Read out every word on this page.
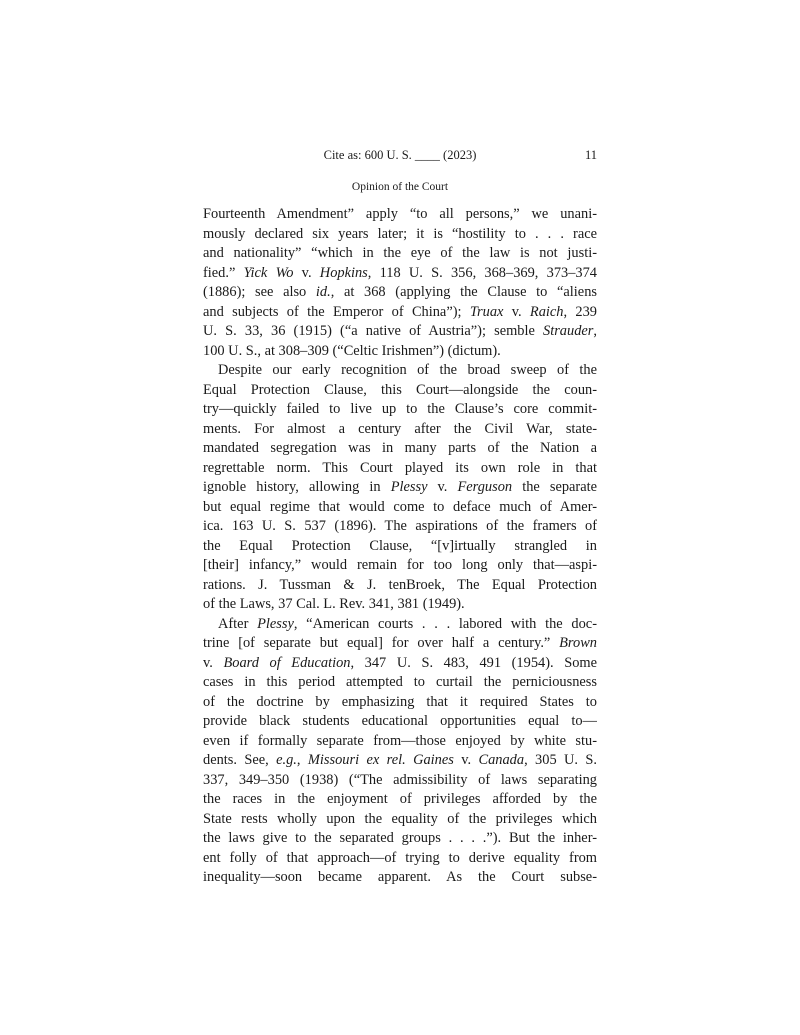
Cite as: 600 U. S. ____ (2023)	11
Opinion of the Court
Fourteenth Amendment” apply “to all persons,” we unani-
mously declared six years later; it is “hostility to . . . race
and nationality” “which in the eye of the law is not justi-
fied.” Yick Wo v. Hopkins, 118 U. S. 356, 368–369, 373–374
(1886); see also id., at 368 (applying the Clause to “aliens
and subjects of the Emperor of China”); Truax v. Raich, 239
U. S. 33, 36 (1915) (“a native of Austria”); semble Strauder,
100 U. S., at 308–309 (“Celtic Irishmen”) (dictum).
Despite our early recognition of the broad sweep of the
Equal Protection Clause, this Court—alongside the coun-
try—quickly failed to live up to the Clause’s core commit-
ments. For almost a century after the Civil War, state-
mandated segregation was in many parts of the Nation a
regrettable norm. This Court played its own role in that
ignoble history, allowing in Plessy v. Ferguson the separate
but equal regime that would come to deface much of Amer-
ica. 163 U. S. 537 (1896). The aspirations of the framers of
the Equal Protection Clause, “[v]irtually strangled in
[their] infancy,” would remain for too long only that—aspi-
rations. J. Tussman & J. tenBroek, The Equal Protection
of the Laws, 37 Cal. L. Rev. 341, 381 (1949).
After Plessy, “American courts . . . labored with the doc-
trine [of separate but equal] for over half a century.” Brown
v. Board of Education, 347 U. S. 483, 491 (1954). Some
cases in this period attempted to curtail the perniciousness
of the doctrine by emphasizing that it required States to
provide black students educational opportunities equal to—
even if formally separate from—those enjoyed by white stu-
dents. See, e.g., Missouri ex rel. Gaines v. Canada, 305 U. S.
337, 349–350 (1938) (“The admissibility of laws separating
the races in the enjoyment of privileges afforded by the
State rests wholly upon the equality of the privileges which
the laws give to the separated groups . . . .”). But the inher-
ent folly of that approach—of trying to derive equality from
inequality—soon became apparent. As the Court subse-
